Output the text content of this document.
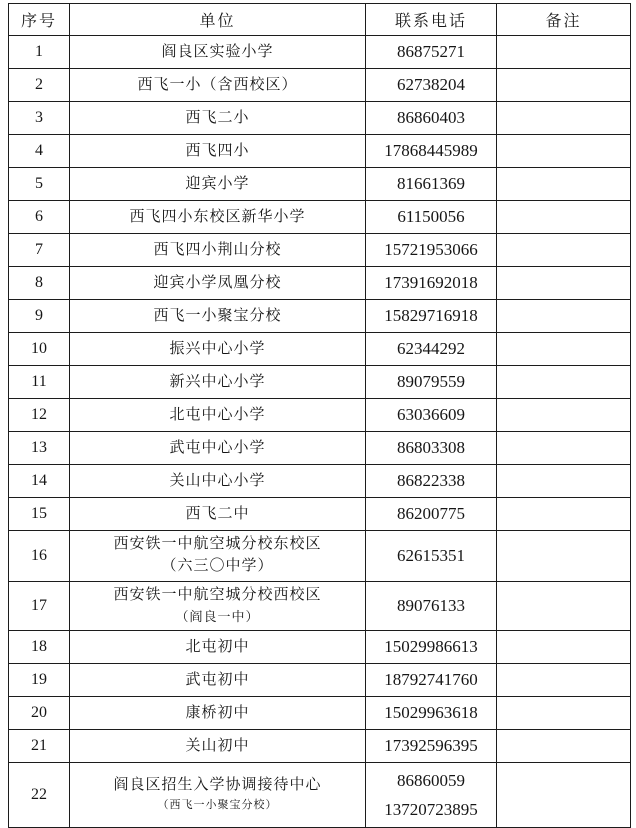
序号	单位	联系电话	备注
1	阎良区实验小学	86875271	

2	西飞一小（含西校区）	62738204	

3	西飞二小	86860403	

4	西飞四小	17868445989	

5	迎宾小学	81661369	

6	西飞四小东校区新华小学	61150056	

7	西飞四小荆山分校	15721953066	

8	迎宾小学凤凰分校	17391692018	

9	西飞一小聚宝分校	15829716918	

10	振兴中心小学	62344292	

11	新兴中心小学	89079559	

12	北屯中心小学	63036609	

13	武屯中心小学	86803308	

14	关山中心小学	86822338	

15	西飞二中	86200775	

16	西安铁一中航空城分校东校区
（六三〇中学）	62615351	

17	西安铁一中航空城分校西校区
（阎良一中）	89076133	

18	北屯初中	15029986613	

19	武屯初中	18792741760	

20	康桥初中	15029963618	

21	关山初中	17392596395	

22	阎良区招生入学协调接待中心
（西飞一小聚宝分校）	86860059
13720723895	
